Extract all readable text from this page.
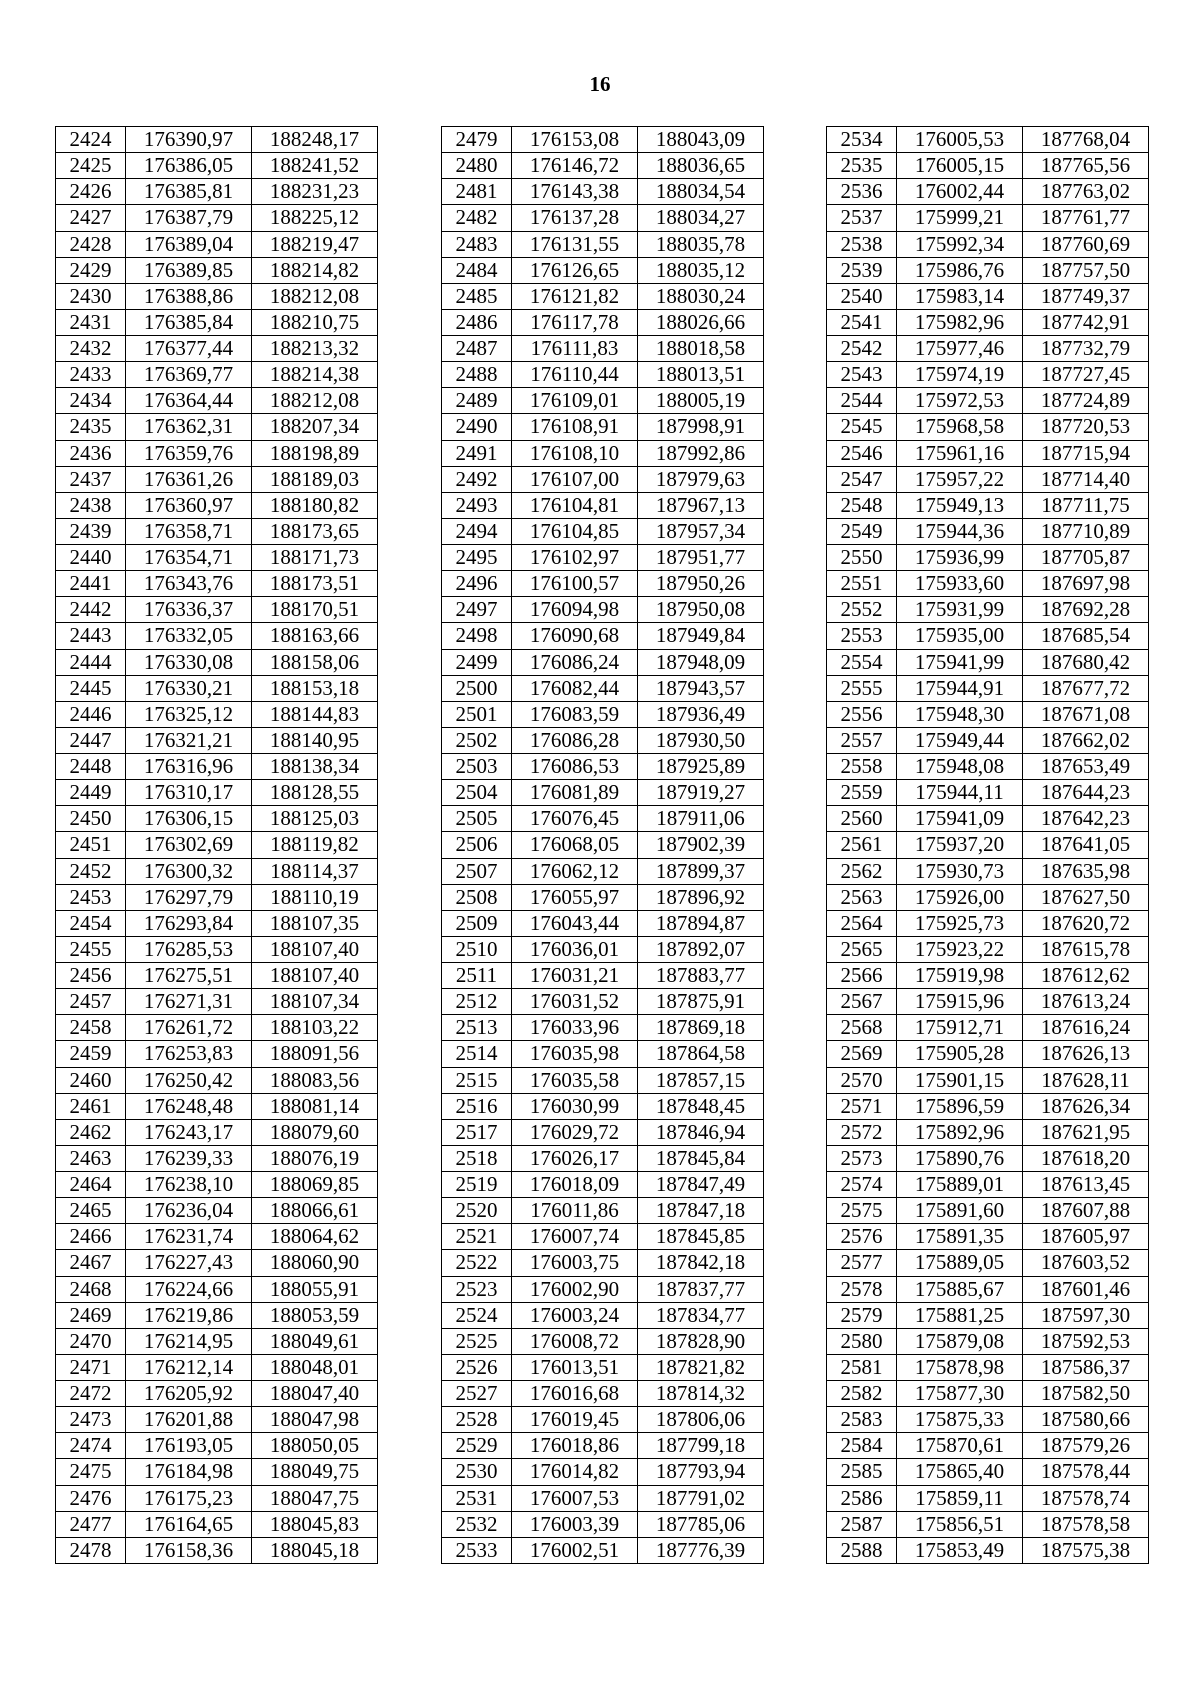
16
2424	176390,97	188248,17
2425	176386,05	188241,52
2426	176385,81	188231,23
2427	176387,79	188225,12
2428	176389,04	188219,47
2429	176389,85	188214,82
2430	176388,86	188212,08
2431	176385,84	188210,75
2432	176377,44	188213,32
2433	176369,77	188214,38
2434	176364,44	188212,08
2435	176362,31	188207,34
2436	176359,76	188198,89
2437	176361,26	188189,03
2438	176360,97	188180,82
2439	176358,71	188173,65
2440	176354,71	188171,73
2441	176343,76	188173,51
2442	176336,37	188170,51
2443	176332,05	188163,66
2444	176330,08	188158,06
2445	176330,21	188153,18
2446	176325,12	188144,83
2447	176321,21	188140,95
2448	176316,96	188138,34
2449	176310,17	188128,55
2450	176306,15	188125,03
2451	176302,69	188119,82
2452	176300,32	188114,37
2453	176297,79	188110,19
2454	176293,84	188107,35
2455	176285,53	188107,40
2456	176275,51	188107,40
2457	176271,31	188107,34
2458	176261,72	188103,22
2459	176253,83	188091,56
2460	176250,42	188083,56
2461	176248,48	188081,14
2462	176243,17	188079,60
2463	176239,33	188076,19
2464	176238,10	188069,85
2465	176236,04	188066,61
2466	176231,74	188064,62
2467	176227,43	188060,90
2468	176224,66	188055,91
2469	176219,86	188053,59
2470	176214,95	188049,61
2471	176212,14	188048,01
2472	176205,92	188047,40
2473	176201,88	188047,98
2474	176193,05	188050,05
2475	176184,98	188049,75
2476	176175,23	188047,75
2477	176164,65	188045,83
2478	176158,36	188045,18
2479	176153,08	188043,09
2480	176146,72	188036,65
2481	176143,38	188034,54
2482	176137,28	188034,27
2483	176131,55	188035,78
2484	176126,65	188035,12
2485	176121,82	188030,24
2486	176117,78	188026,66
2487	176111,83	188018,58
2488	176110,44	188013,51
2489	176109,01	188005,19
2490	176108,91	187998,91
2491	176108,10	187992,86
2492	176107,00	187979,63
2493	176104,81	187967,13
2494	176104,85	187957,34
2495	176102,97	187951,77
2496	176100,57	187950,26
2497	176094,98	187950,08
2498	176090,68	187949,84
2499	176086,24	187948,09
2500	176082,44	187943,57
2501	176083,59	187936,49
2502	176086,28	187930,50
2503	176086,53	187925,89
2504	176081,89	187919,27
2505	176076,45	187911,06
2506	176068,05	187902,39
2507	176062,12	187899,37
2508	176055,97	187896,92
2509	176043,44	187894,87
2510	176036,01	187892,07
2511	176031,21	187883,77
2512	176031,52	187875,91
2513	176033,96	187869,18
2514	176035,98	187864,58
2515	176035,58	187857,15
2516	176030,99	187848,45
2517	176029,72	187846,94
2518	176026,17	187845,84
2519	176018,09	187847,49
2520	176011,86	187847,18
2521	176007,74	187845,85
2522	176003,75	187842,18
2523	176002,90	187837,77
2524	176003,24	187834,77
2525	176008,72	187828,90
2526	176013,51	187821,82
2527	176016,68	187814,32
2528	176019,45	187806,06
2529	176018,86	187799,18
2530	176014,82	187793,94
2531	176007,53	187791,02
2532	176003,39	187785,06
2533	176002,51	187776,39
2534	176005,53	187768,04
2535	176005,15	187765,56
2536	176002,44	187763,02
2537	175999,21	187761,77
2538	175992,34	187760,69
2539	175986,76	187757,50
2540	175983,14	187749,37
2541	175982,96	187742,91
2542	175977,46	187732,79
2543	175974,19	187727,45
2544	175972,53	187724,89
2545	175968,58	187720,53
2546	175961,16	187715,94
2547	175957,22	187714,40
2548	175949,13	187711,75
2549	175944,36	187710,89
2550	175936,99	187705,87
2551	175933,60	187697,98
2552	175931,99	187692,28
2553	175935,00	187685,54
2554	175941,99	187680,42
2555	175944,91	187677,72
2556	175948,30	187671,08
2557	175949,44	187662,02
2558	175948,08	187653,49
2559	175944,11	187644,23
2560	175941,09	187642,23
2561	175937,20	187641,05
2562	175930,73	187635,98
2563	175926,00	187627,50
2564	175925,73	187620,72
2565	175923,22	187615,78
2566	175919,98	187612,62
2567	175915,96	187613,24
2568	175912,71	187616,24
2569	175905,28	187626,13
2570	175901,15	187628,11
2571	175896,59	187626,34
2572	175892,96	187621,95
2573	175890,76	187618,20
2574	175889,01	187613,45
2575	175891,60	187607,88
2576	175891,35	187605,97
2577	175889,05	187603,52
2578	175885,67	187601,46
2579	175881,25	187597,30
2580	175879,08	187592,53
2581	175878,98	187586,37
2582	175877,30	187582,50
2583	175875,33	187580,66
2584	175870,61	187579,26
2585	175865,40	187578,44
2586	175859,11	187578,74
2587	175856,51	187578,58
2588	175853,49	187575,38
